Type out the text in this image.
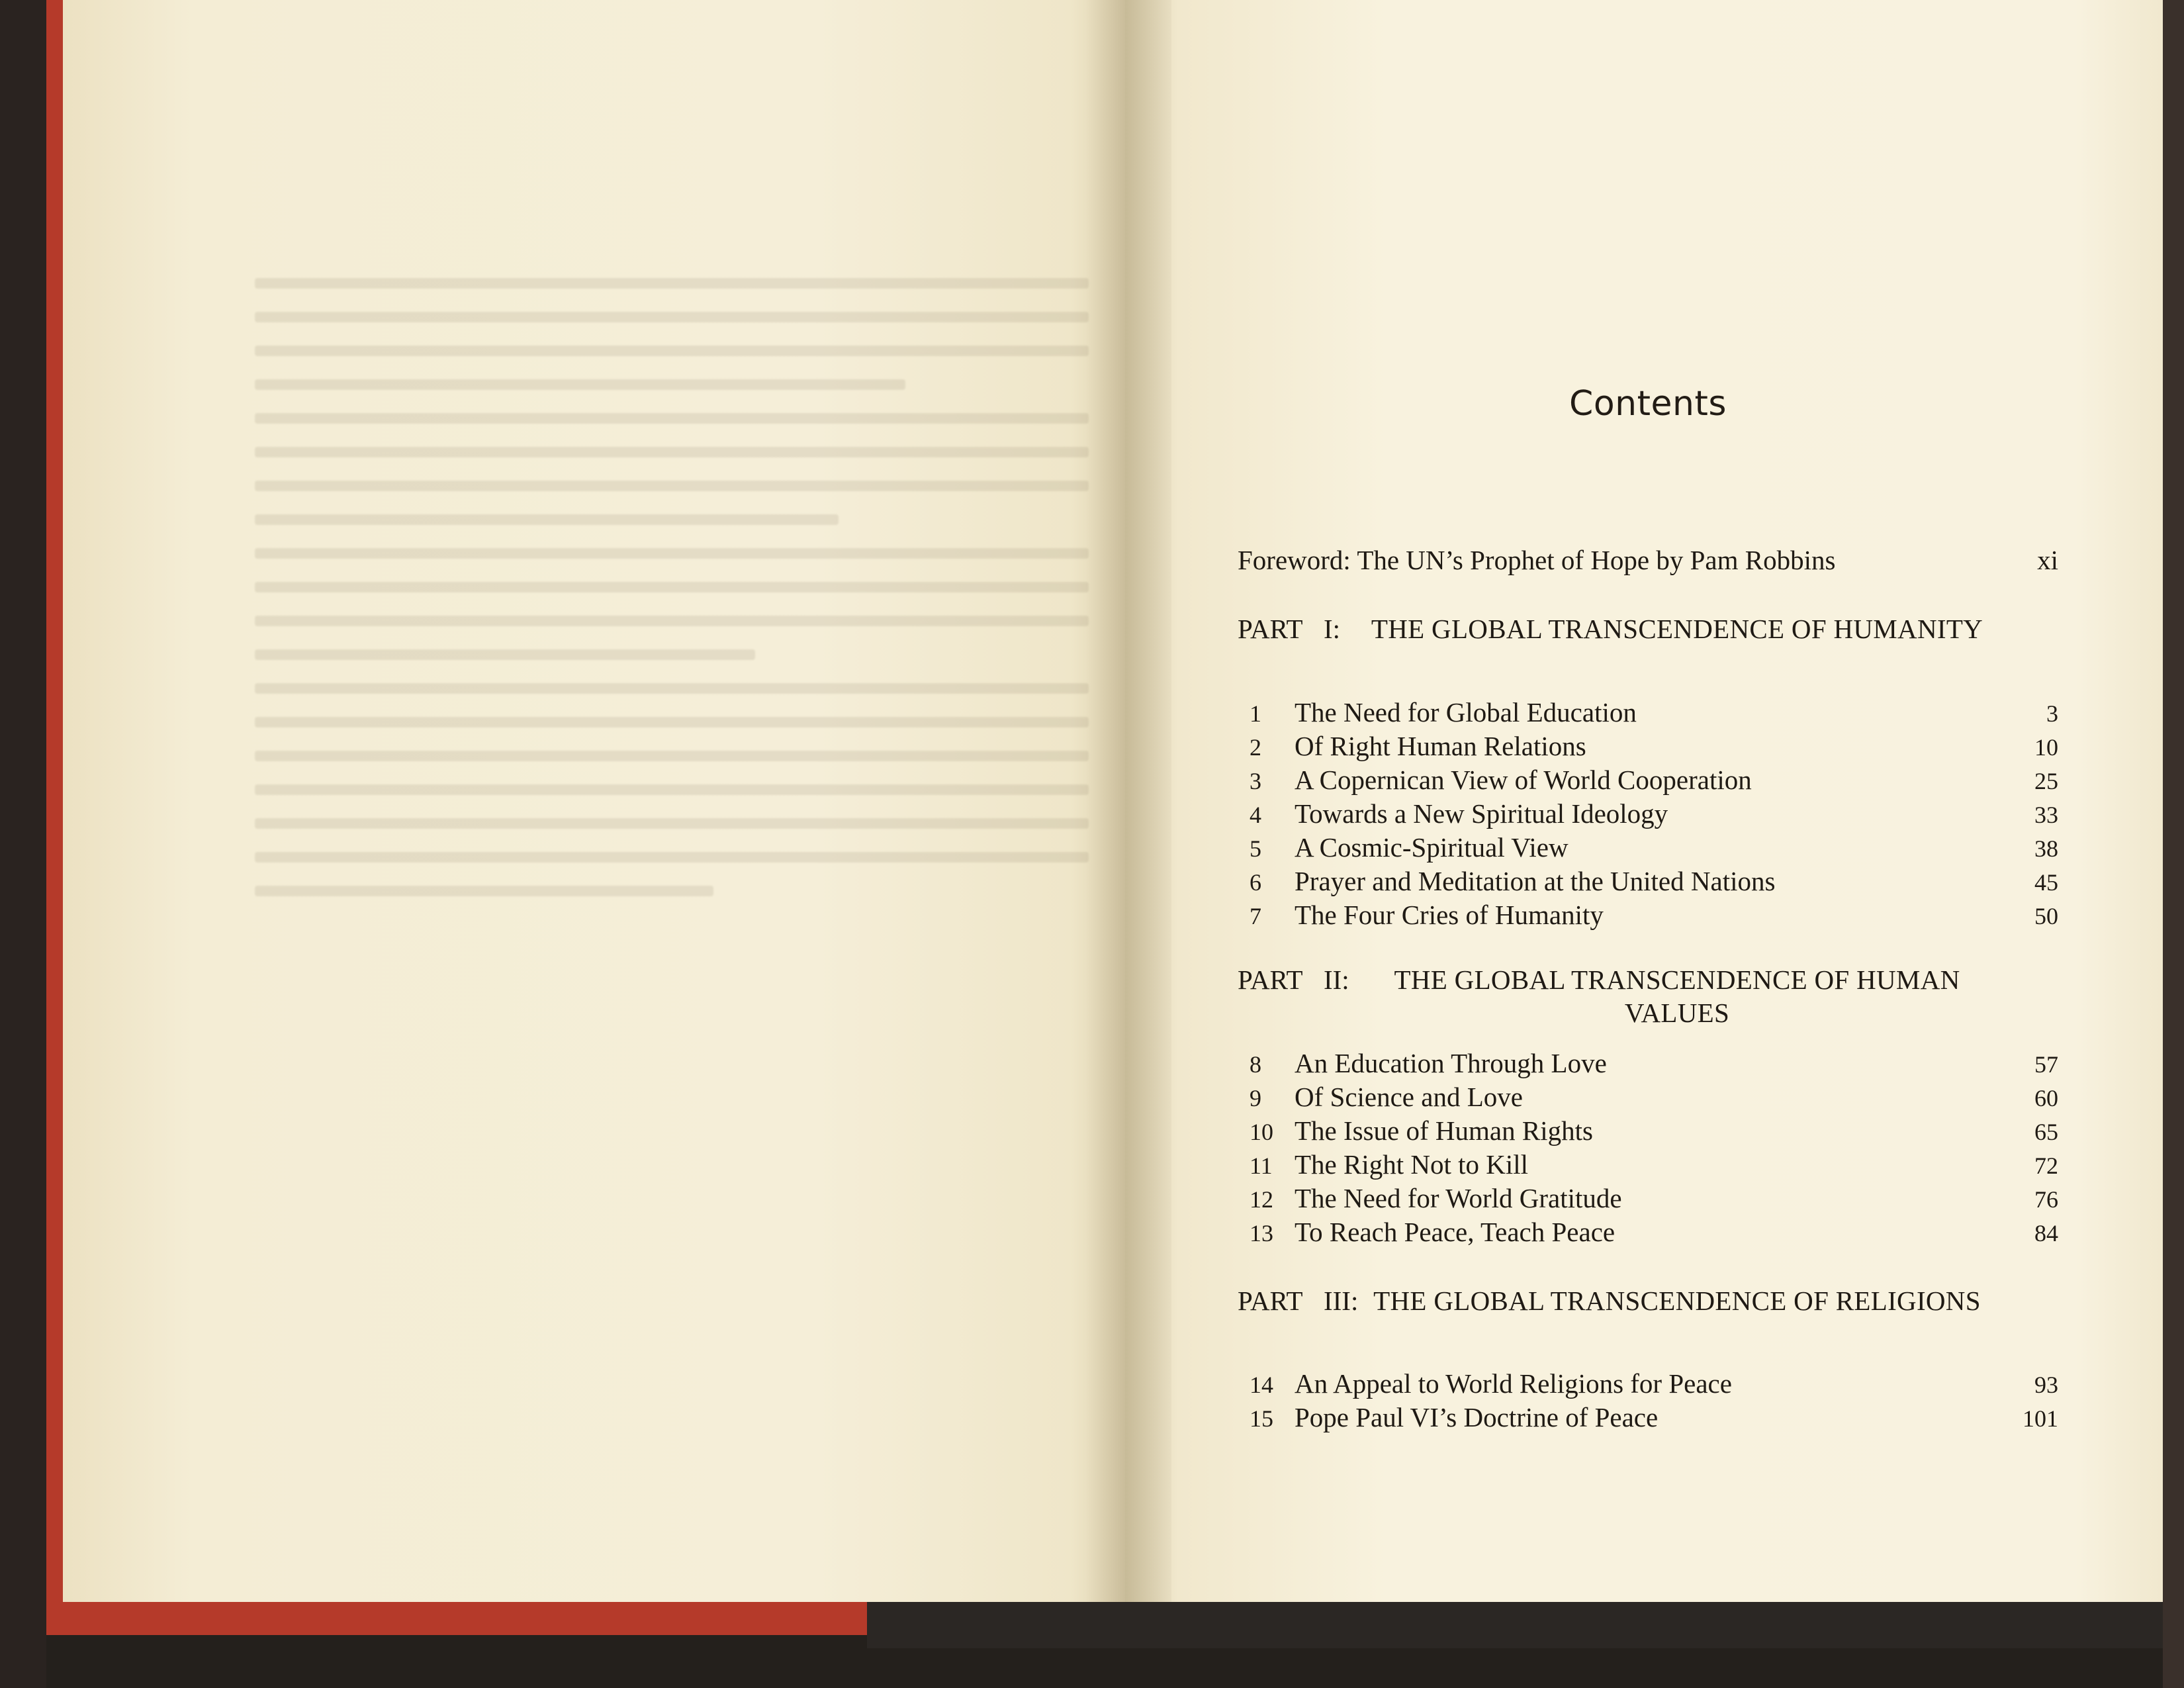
Contents
Foreword: The UN’s Prophet of Hope by Pam Robbins	xi
PART I: THE GLOBAL TRANSCENDENCE OF HUMANITY
1	The Need for Global Education	3
2	Of Right Human Relations	10
3	A Copernican View of World Cooperation	25
4	Towards a New Spiritual Ideology	33
5	A Cosmic-Spiritual View	38
6	Prayer and Meditation at the United Nations	45
7	The Four Cries of Humanity	50
PART II: THE GLOBAL TRANSCENDENCE OF HUMAN VALUES
8	An Education Through Love	57
9	Of Science and Love	60
10 The Issue of Human Rights	65
11 The Right Not to Kill	72
12 The Need for World Gratitude	76
13 To Reach Peace, Teach Peace	84
PART III: THE GLOBAL TRANSCENDENCE OF RELIGIONS
14 An Appeal to World Religions for Peace	93
15 Pope Paul VI’s Doctrine of Peace	101
